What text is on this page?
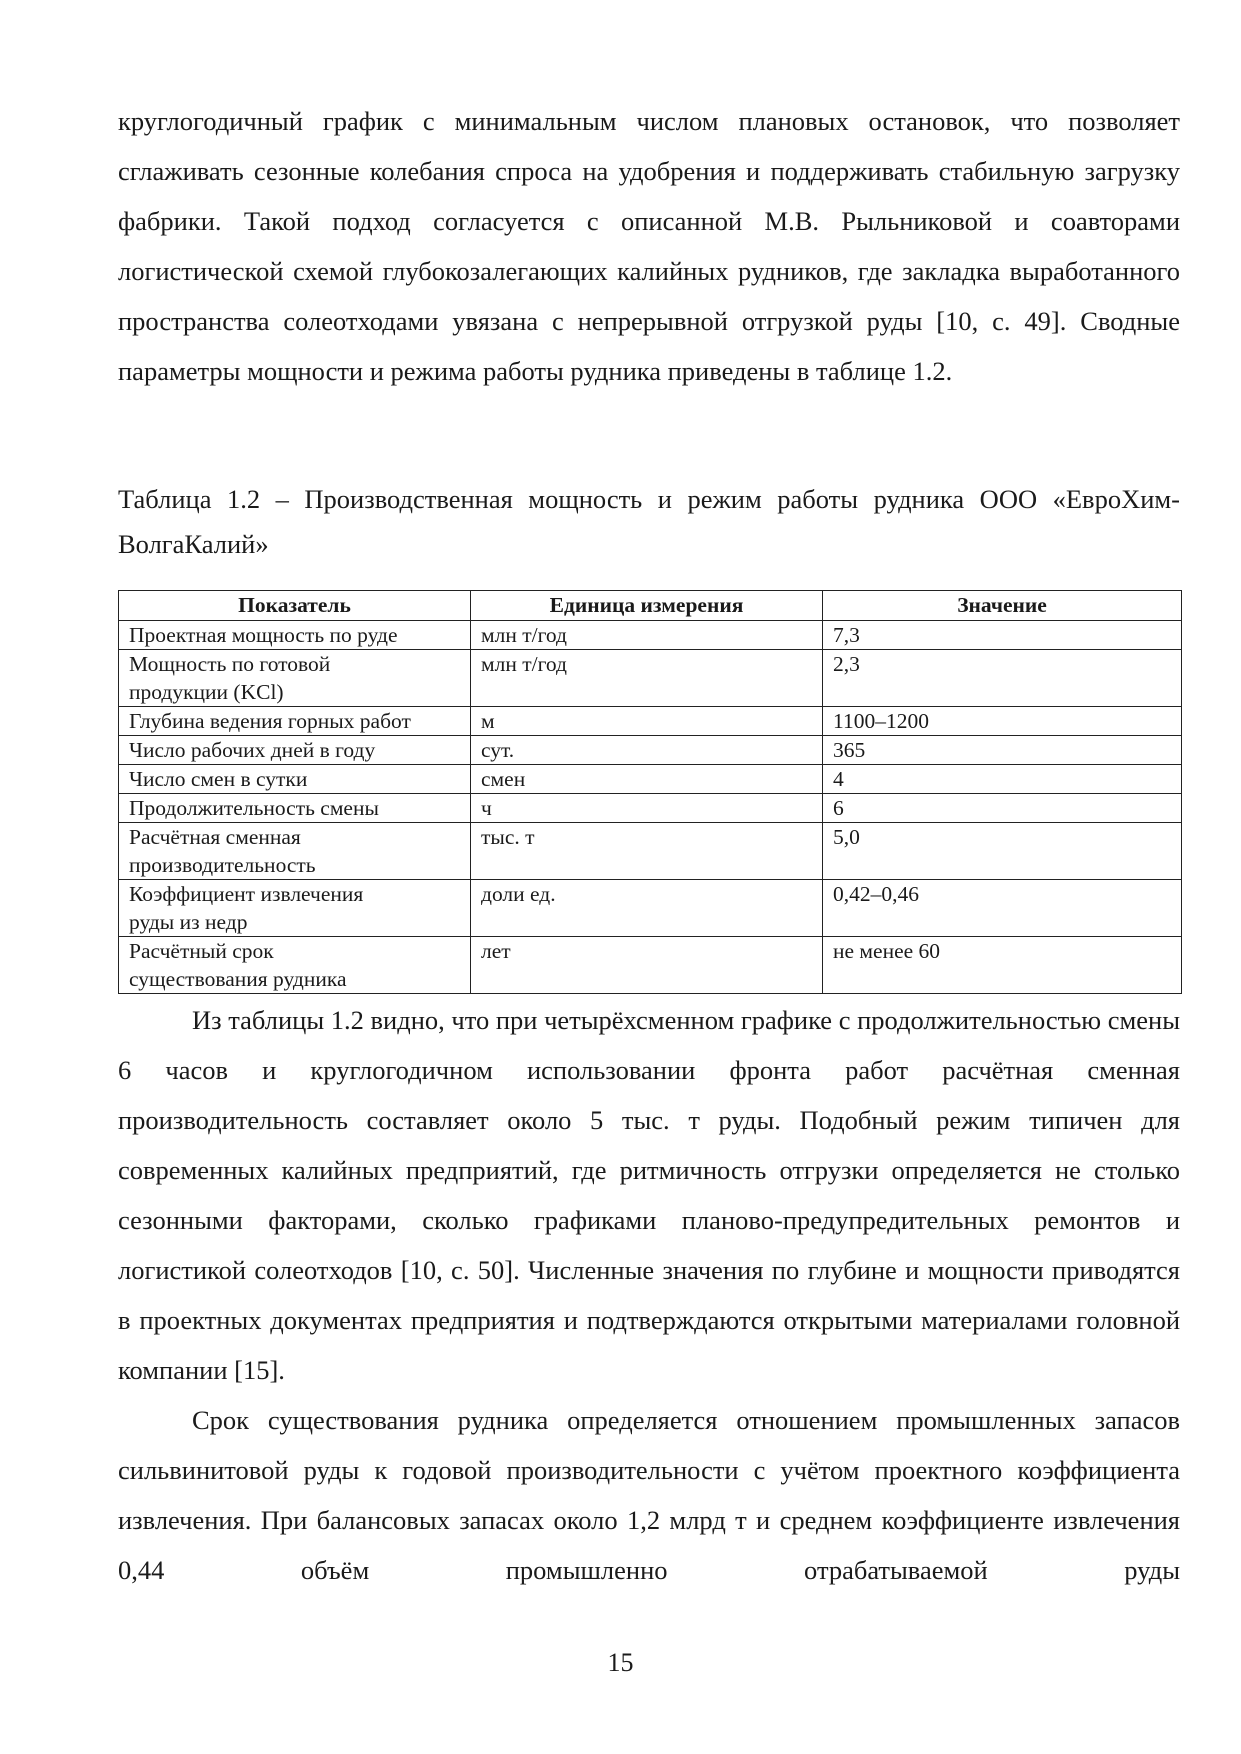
круглогодичный график с минимальным числом плановых остановок, что позволяет сглаживать сезонные колебания спроса на удобрения и поддерживать стабильную загрузку фабрики. Такой подход согласуется с описанной М.В. Рыльниковой и соавторами логистической схемой глубокозалегающих калийных рудников, где закладка выработанного пространства солеотходами увязана с непрерывной отгрузкой руды [10, с. 49]. Сводные параметры мощности и режима работы рудника приведены в таблице 1.2.

Таблица 1.2 – Производственная мощность и режим работы рудника ООО «ЕвроХим-ВолгаКалий»

Показатель	Единица измерения	Значение
Проектная мощность по руде	млн т/год	7,3
Мощность по готовой продукции (KCl)	млн т/год	2,3
Глубина ведения горных работ	м	1100–1200
Число рабочих дней в году	сут.	365
Число смен в сутки	смен	4
Продолжительность смены	ч	6
Расчётная сменная производительность	тыс. т	5,0
Коэффициент извлечения руды из недр	доли ед.	0,42–0,46
Расчётный срок существования рудника	лет	не менее 60

Из таблицы 1.2 видно, что при четырёхсменном графике с продолжительностью смены 6 часов и круглогодичном использовании фронта работ расчётная сменная производительность составляет около 5 тыс. т руды. Подобный режим типичен для современных калийных предприятий, где ритмичность отгрузки определяется не столько сезонными факторами, сколько графиками планово-предупредительных ремонтов и логистикой солеотходов [10, с. 50]. Численные значения по глубине и мощности приводятся в проектных документах предприятия и подтверждаются открытыми материалами головной компании [15].

Срок существования рудника определяется отношением промышленных запасов сильвинитовой руды к годовой производительности с учётом проектного коэффициента извлечения. При балансовых запасах около 1,2 млрд т и среднем коэффициенте извлечения 0,44 объём промышленно отрабатываемой руды

15
